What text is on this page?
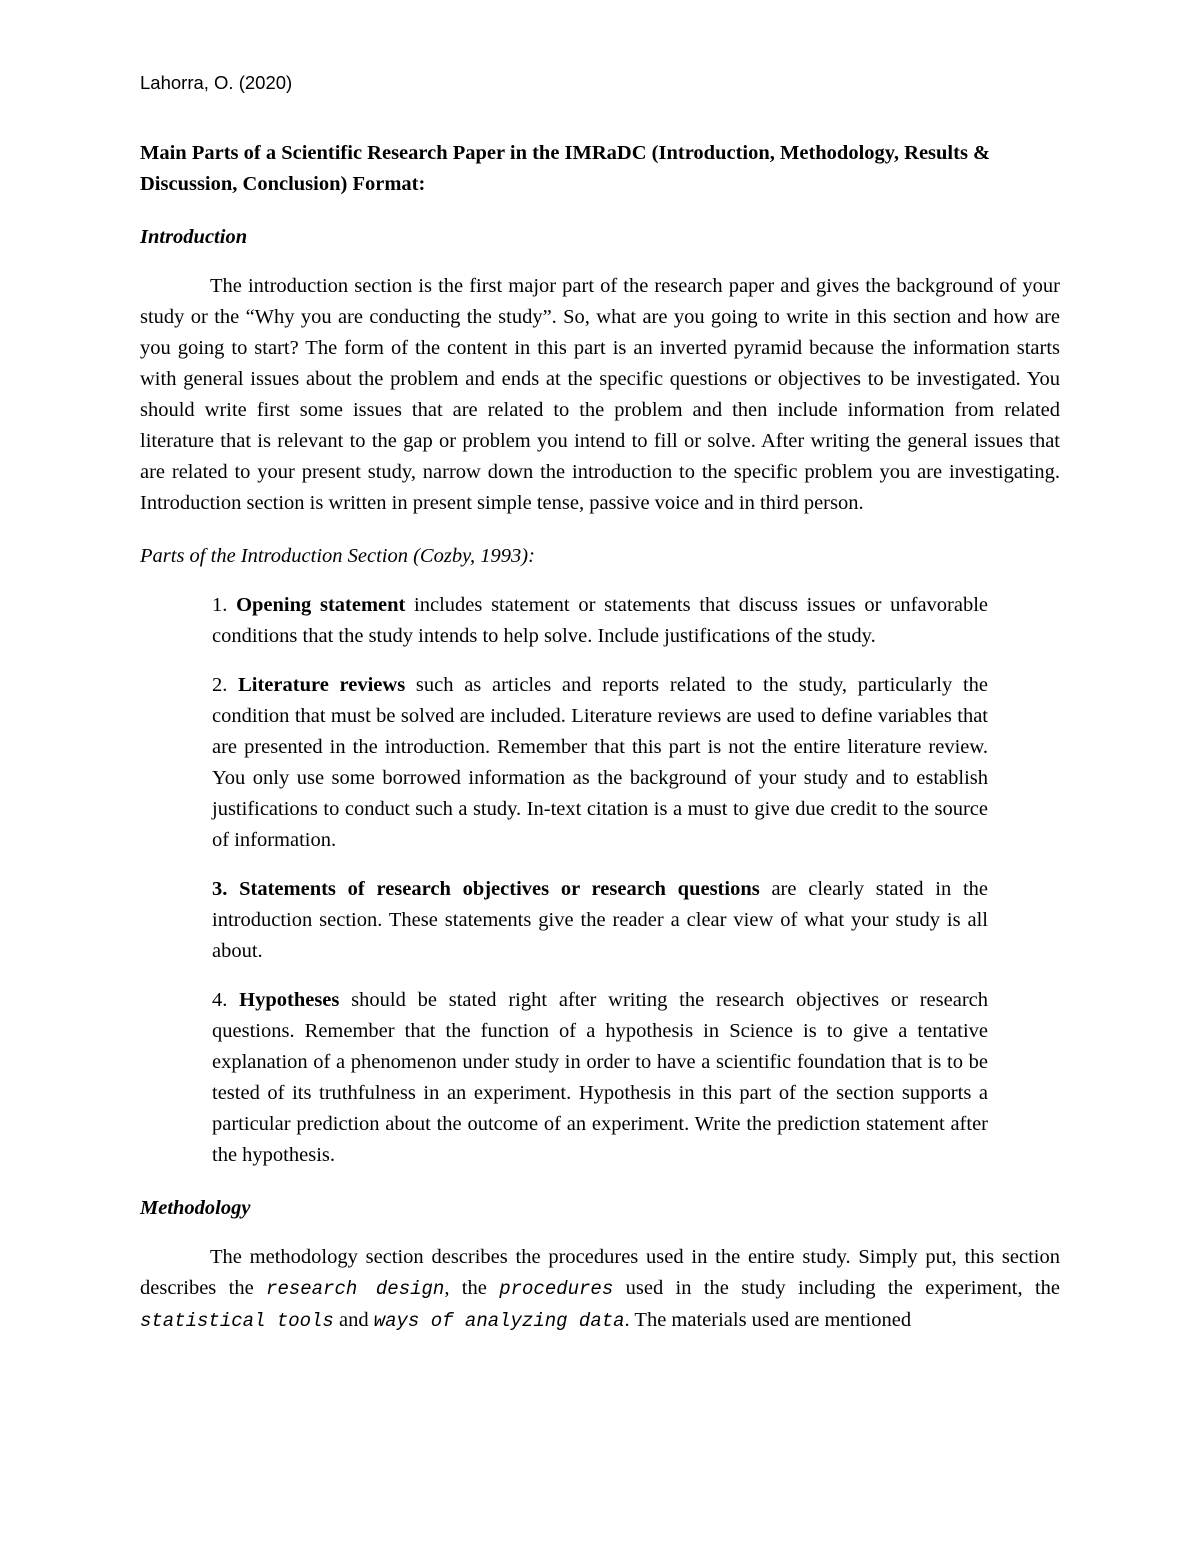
Lahorra, O. (2020)

Main Parts of a Scientific Research Paper in the IMRaDC (Introduction, Methodology, Results & Discussion, Conclusion) Format:

Introduction

The introduction section is the first major part of the research paper and gives the background of your study or the “Why you are conducting the study”. So, what are you going to write in this section and how are you going to start? The form of the content in this part is an inverted pyramid because the information starts with general issues about the problem and ends at the specific questions or objectives to be investigated. You should write first some issues that are related to the problem and then include information from related literature that is relevant to the gap or problem you intend to fill or solve. After writing the general issues that are related to your present study, narrow down the introduction to the specific problem you are investigating. Introduction section is written in present simple tense, passive voice and in third person.

Parts of the Introduction Section (Cozby, 1993):

1. Opening statement includes statement or statements that discuss issues or unfavorable conditions that the study intends to help solve. Include justifications of the study.
2. Literature reviews such as articles and reports related to the study, particularly the condition that must be solved are included. Literature reviews are used to define variables that are presented in the introduction. Remember that this part is not the entire literature review. You only use some borrowed information as the background of your study and to establish justifications to conduct such a study. In-text citation is a must to give due credit to the source of information.
3. Statements of research objectives or research questions are clearly stated in the introduction section. These statements give the reader a clear view of what your study is all about.
4. Hypotheses should be stated right after writing the research objectives or research questions. Remember that the function of a hypothesis in Science is to give a tentative explanation of a phenomenon under study in order to have a scientific foundation that is to be tested of its truthfulness in an experiment. Hypothesis in this part of the section supports a particular prediction about the outcome of an experiment. Write the prediction statement after the hypothesis.

Methodology

The methodology section describes the procedures used in the entire study. Simply put, this section describes the research design, the procedures used in the study including the experiment, the statistical tools and ways of analyzing data. The materials used are mentioned
